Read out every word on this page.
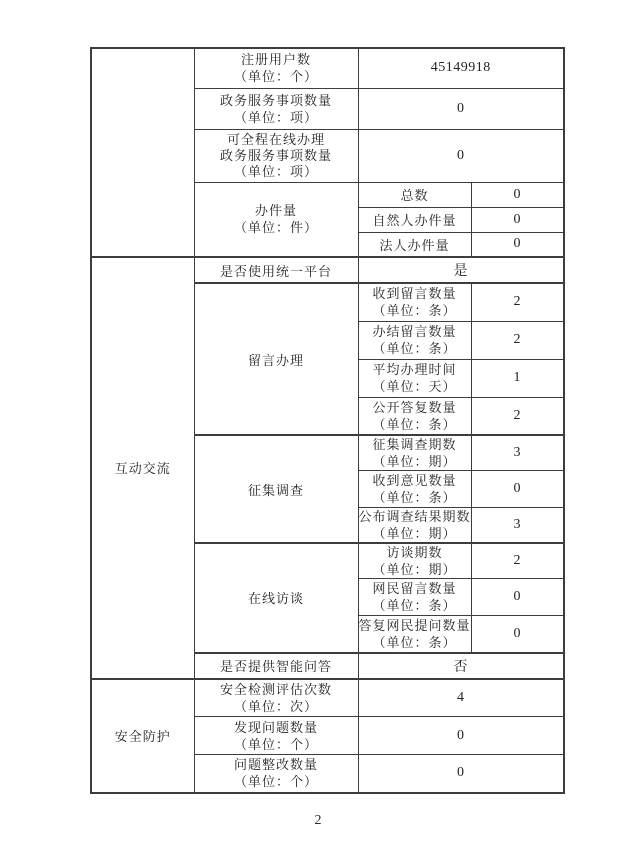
	注册用户数
（单位：个）	45149918	

	政务服务事项数量
（单位：项）	0	

	可全程在线办理
政务服务事项数量
（单位：项）	0	

	办件量
（单位：件）	总数	0
		自然人办件量	0
		法人办件量	0
互动交流	是否使用统一平台	是	
	留言办理	收到留言数量
（单位：条）	2

		办结留言数量
（单位：条）	2

		平均办理时间
（单位：天）	1

		公开答复数量
（单位：条）	2
	征集调查	征集调查期数
（单位：期）	3

		收到意见数量
（单位：条）	0

		公布调查结果期数
（单位：期）	3
	在线访谈	访谈期数
（单位：期）	2

		网民留言数量
（单位：条）	0

		答复网民提问数量
（单位：条）	0
	是否提供智能问答	否	
安全防护	安全检测评估次数
（单位：次）	4	

	发现问题数量
（单位：个）	0	

	问题整改数量
（单位：个）	0	
2
